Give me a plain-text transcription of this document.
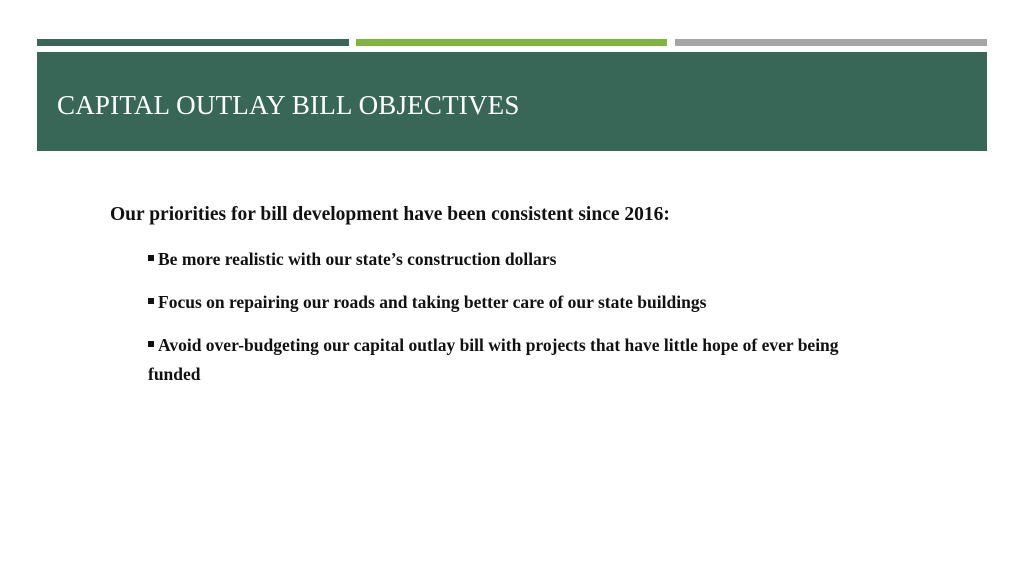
CAPITAL OUTLAY BILL OBJECTIVES

Our priorities for bill development have been consistent since 2016:

Be more realistic with our state’s construction dollars
Focus on repairing our roads and taking better care of our state buildings
Avoid over-budgeting our capital outlay bill with projects that have little hope of ever being funded
